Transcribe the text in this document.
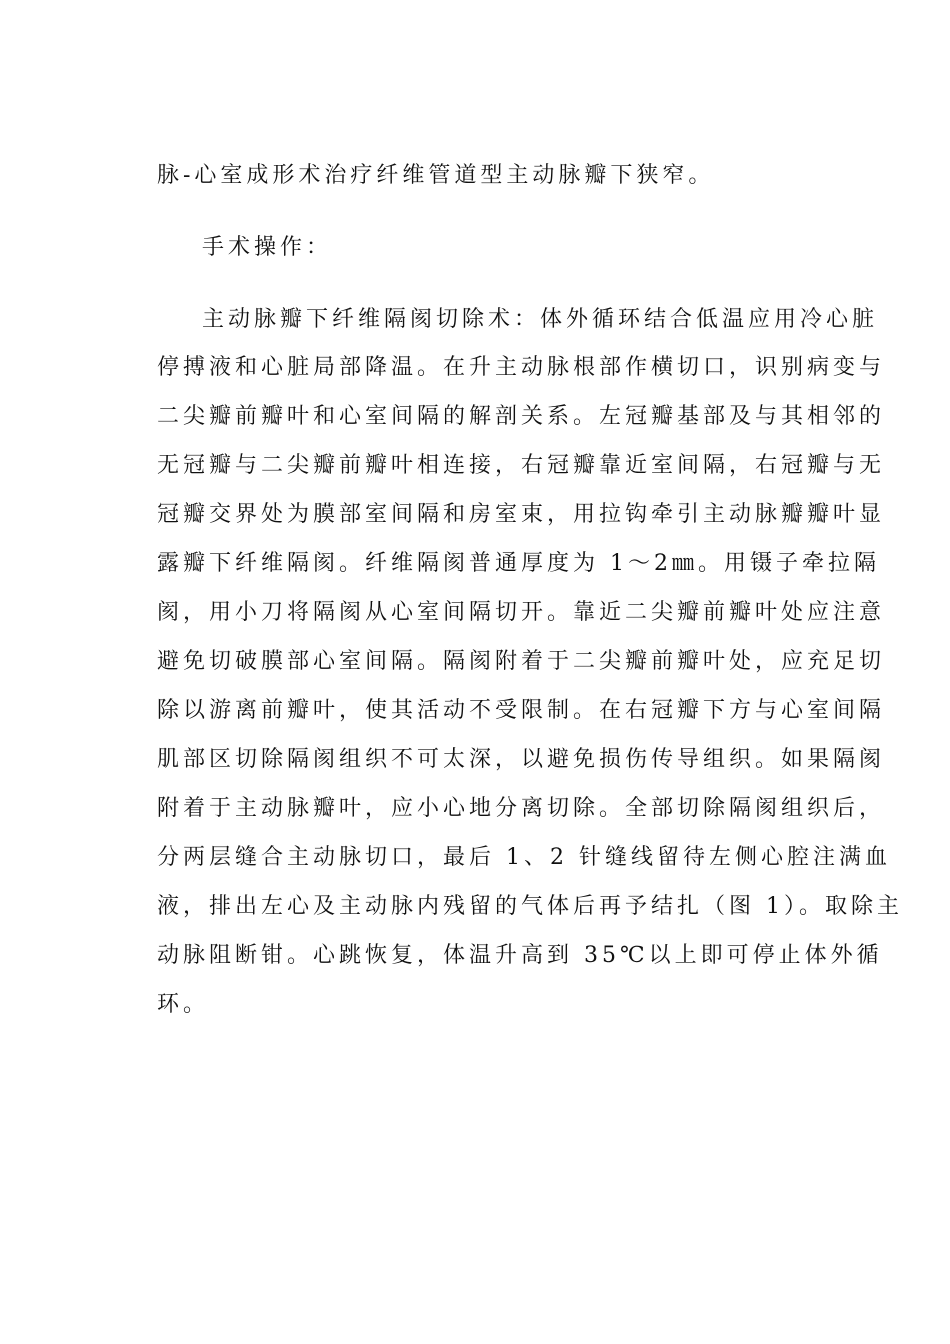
脉-心室成形术治疗纤维管道型主动脉瓣下狭窄。
手术操作：
主动脉瓣下纤维隔阂切除术：体外循环结合低温应用冷心脏
停搏液和心脏局部降温。在升主动脉根部作横切口，识别病变与
二尖瓣前瓣叶和心室间隔的解剖关系。左冠瓣基部及与其相邻的
无冠瓣与二尖瓣前瓣叶相连接，右冠瓣靠近室间隔，右冠瓣与无
冠瓣交界处为膜部室间隔和房室束，用拉钩牵引主动脉瓣瓣叶显
露瓣下纤维隔阂。纤维隔阂普通厚度为 1～2㎜。用镊子牵拉隔
阂，用小刀将隔阂从心室间隔切开。靠近二尖瓣前瓣叶处应注意
避免切破膜部心室间隔。隔阂附着于二尖瓣前瓣叶处，应充足切
除以游离前瓣叶，使其活动不受限制。在右冠瓣下方与心室间隔
肌部区切除隔阂组织不可太深，以避免损伤传导组织。如果隔阂
附着于主动脉瓣叶，应小心地分离切除。全部切除隔阂组织后，
分两层缝合主动脉切口，最后 1、2 针缝线留待左侧心腔注满血
液，排出左心及主动脉内残留的气体后再予结扎（图 1）。取除主
动脉阻断钳。心跳恢复，体温升高到 35℃以上即可停止体外循
环。
